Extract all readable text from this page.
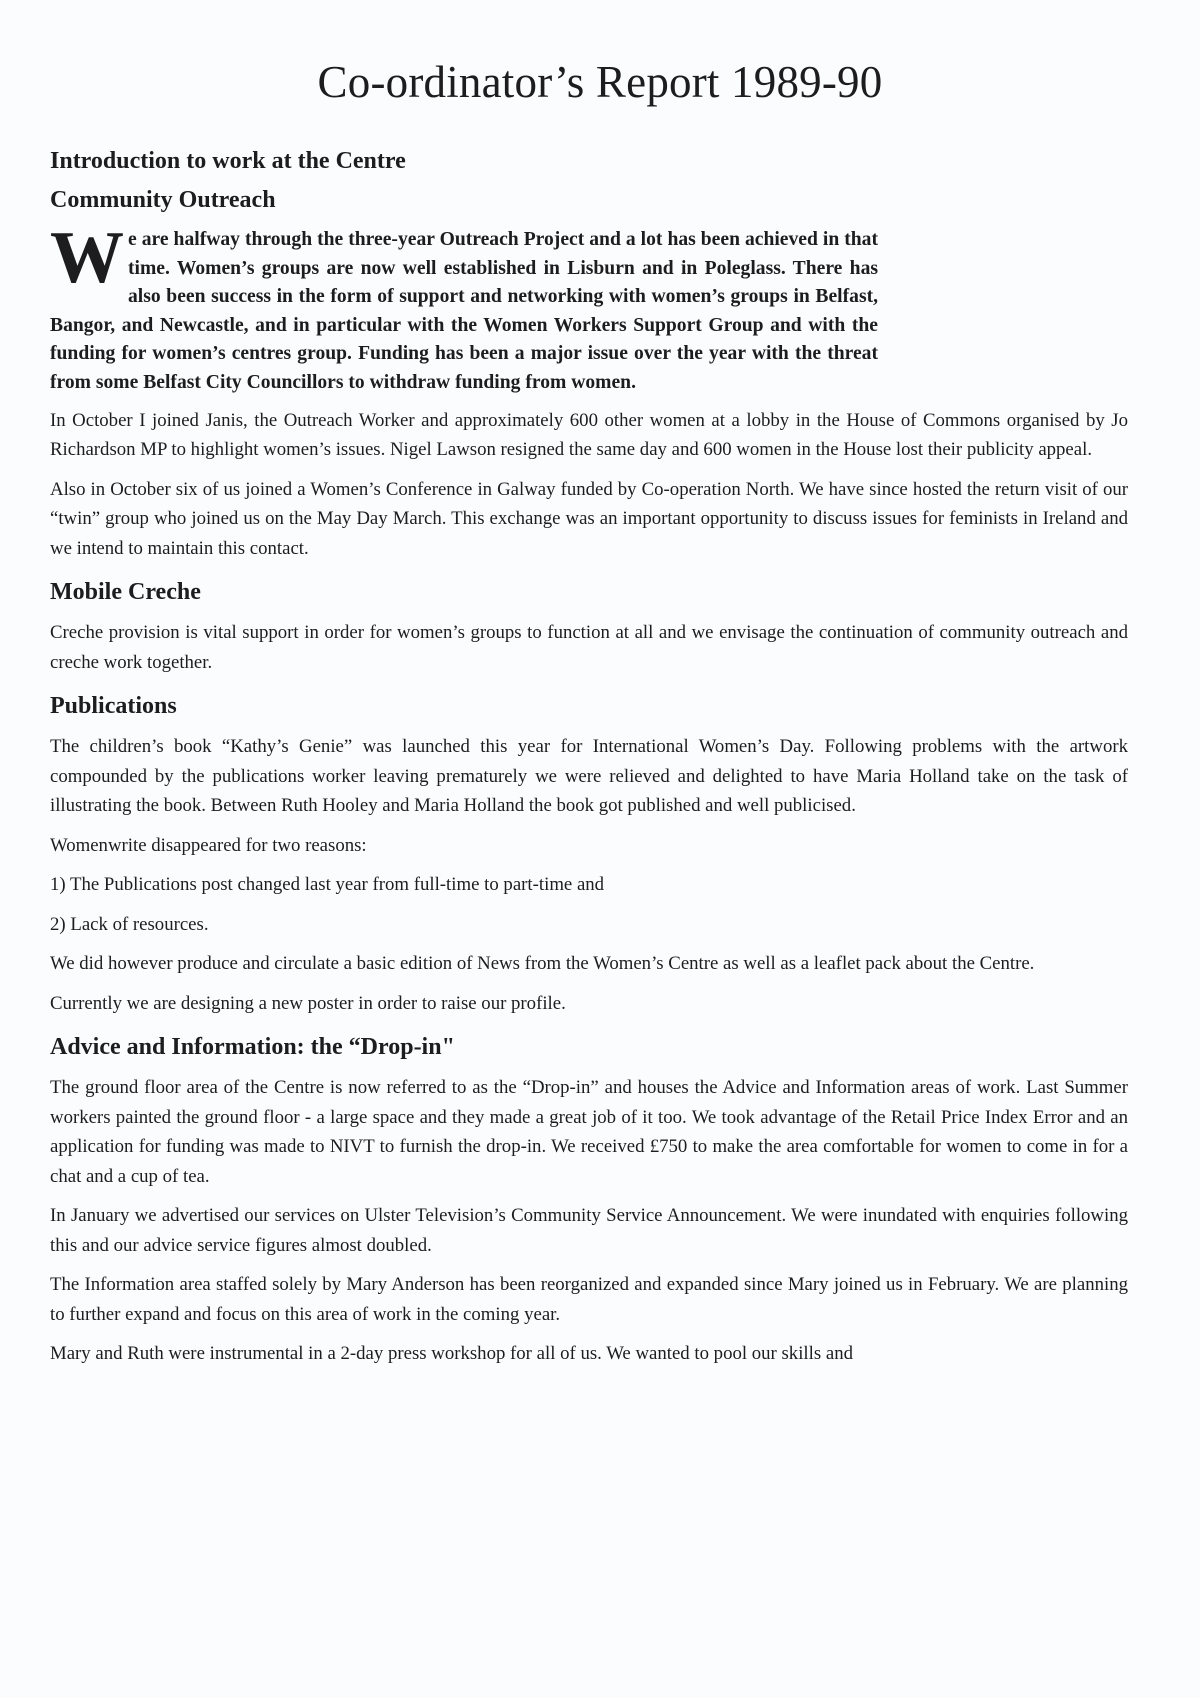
Co-ordinator’s Report 1989-90
Introduction to work at the Centre
Community Outreach

We are halfway through the three-year Outreach Project and a lot has been achieved in that time. Women’s groups are now well established in Lisburn and in Poleglass. There has also been success in the form of support and networking with women’s groups in Belfast, Bangor, and Newcastle, and in particular with the Women Workers Support Group and with the funding for women’s centres group. Funding has been a major issue over the year with the threat from some Belfast City Councillors to withdraw funding from women.

In October I joined Janis, the Outreach Worker and approximately 600 other women at a lobby in the House of Commons organised by Jo Richardson MP to highlight women’s issues. Nigel Lawson resigned the same day and 600 women in the House lost their publicity appeal.

Also in October six of us joined a Women’s Conference in Galway funded by Co-operation North. We have since hosted the return visit of our “twin” group who joined us on the May Day March. This exchange was an important opportunity to discuss issues for feminists in Ireland and we intend to maintain this contact.

Mobile Creche

Creche provision is vital support in order for women’s groups to function at all and we envisage the continuation of community outreach and creche work together.

Publications

The children’s book “Kathy’s Genie” was launched this year for International Women’s Day. Following problems with the artwork compounded by the publications worker leaving prematurely we were relieved and delighted to have Maria Holland take on the task of illustrating the book. Between Ruth Hooley and Maria Holland the book got published and well publicised.

Womenwrite disappeared for two reasons:

1) The Publications post changed last year from full-time to part-time and

2) Lack of resources.

We did however produce and circulate a basic edition of News from the Women’s Centre as well as a leaflet pack about the Centre.

Currently we are designing a new poster in order to raise our profile.

Advice and Information: the “Drop-in"

The ground floor area of the Centre is now referred to as the “Drop-in” and houses the Advice and Information areas of work. Last Summer workers painted the ground floor - a large space and they made a great job of it too. We took advantage of the Retail Price Index Error and an application for funding was made to NIVT to furnish the drop-in. We received £750 to make the area comfortable for women to come in for a chat and a cup of tea.

In January we advertised our services on Ulster Television’s Community Service Announcement. We were inundated with enquiries following this and our advice service figures almost doubled.

The Information area staffed solely by Mary Anderson has been reorganized and expanded since Mary joined us in February. We are planning to further expand and focus on this area of work in the coming year.

Mary and Ruth were instrumental in a 2-day press workshop for all of us. We wanted to pool our skills and
